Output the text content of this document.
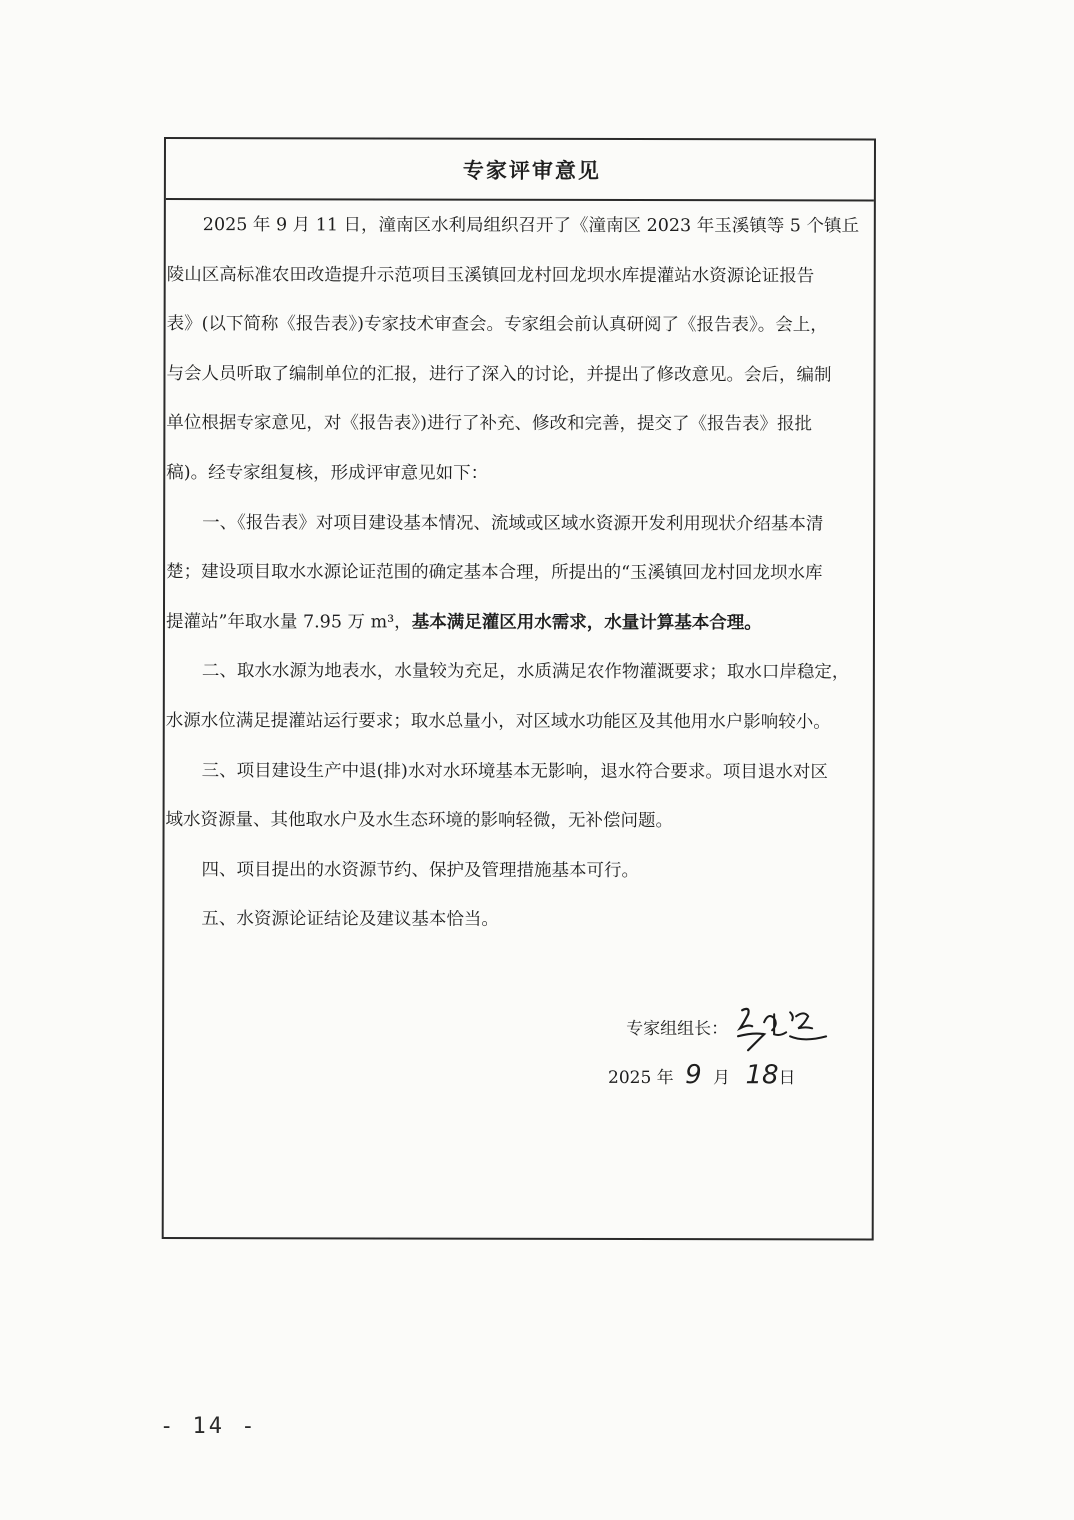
专家评审意见
2025 年 9 月 11 日，潼南区水利局组织召开了《潼南区 2023 年玉溪镇等 5 个镇丘
陵山区高标准农田改造提升示范项目玉溪镇回龙村回龙坝水库提灌站水资源论证报告
表》(以下简称《报告表》)专家技术审查会。专家组会前认真研阅了《报告表》。会上，
与会人员听取了编制单位的汇报，进行了深入的讨论，并提出了修改意见。会后，编制
单位根据专家意见，对《报告表》)进行了补充、修改和完善，提交了《报告表》报批
稿)。经专家组复核，形成评审意见如下：
一、《报告表》对项目建设基本情况、流域或区域水资源开发利用现状介绍基本清
楚；建设项目取水水源论证范围的确定基本合理，所提出的“玉溪镇回龙村回龙坝水库
提灌站”年取水量 7.95 万 m³，基本满足灌区用水需求，水量计算基本合理。
二、取水水源为地表水，水量较为充足，水质满足农作物灌溉要求；取水口岸稳定，
水源水位满足提灌站运行要求；取水总量小，对区域水功能区及其他用水户影响较小。
三、项目建设生产中退(排)水对水环境基本无影响，退水符合要求。项目退水对区
域水资源量、其他取水户及水生态环境的影响轻微，无补偿问题。
四、项目提出的水资源节约、保护及管理措施基本可行。
五、水资源论证结论及建议基本恰当。
专家组组长：
2025 年 9 月 18日
- 14 -
